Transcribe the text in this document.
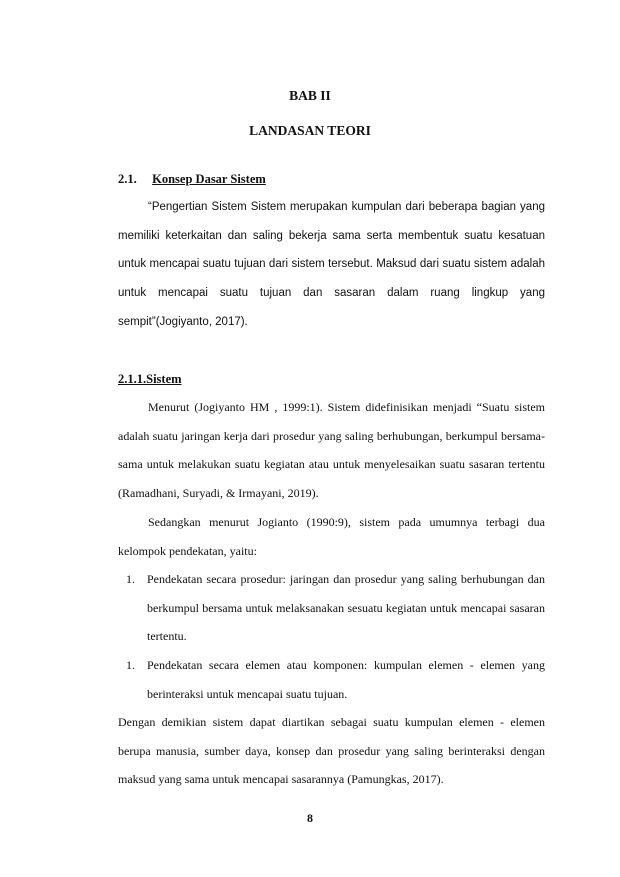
BAB II
LANDASAN TEORI
2.1. Konsep Dasar Sistem

“Pengertian Sistem Sistem merupakan kumpulan dari beberapa bagian yang memiliki keterkaitan dan saling bekerja sama serta membentuk suatu kesatuan untuk mencapai suatu tujuan dari sistem tersebut. Maksud dari suatu sistem adalah untuk mencapai suatu tujuan dan sasaran dalam ruang lingkup yang sempit”(Jogiyanto, 2017).

2.1.1.Sistem

Menurut (Jogiyanto HM , 1999:1). Sistem didefinisikan menjadi “Suatu sistem adalah suatu jaringan kerja dari prosedur yang saling berhubungan, berkumpul bersama-sama untuk melakukan suatu kegiatan atau untuk menyelesaikan suatu sasaran tertentu (Ramadhani, Suryadi, & Irmayani, 2019).

Sedangkan menurut Jogianto (1990:9), sistem pada umumnya terbagi dua kelompok pendekatan, yaitu:

1. Pendekatan secara prosedur: jaringan dan prosedur yang saling berhubungan dan berkumpul bersama untuk melaksanakan sesuatu kegiatan untuk mencapai sasaran tertentu.
1. Pendekatan secara elemen atau komponen: kumpulan elemen - elemen yang berinteraksi untuk mencapai suatu tujuan.

Dengan demikian sistem dapat diartikan sebagai suatu kumpulan elemen - elemen berupa manusia, sumber daya, konsep dan prosedur yang saling berinteraksi dengan maksud yang sama untuk mencapai sasarannya (Pamungkas, 2017).

8
